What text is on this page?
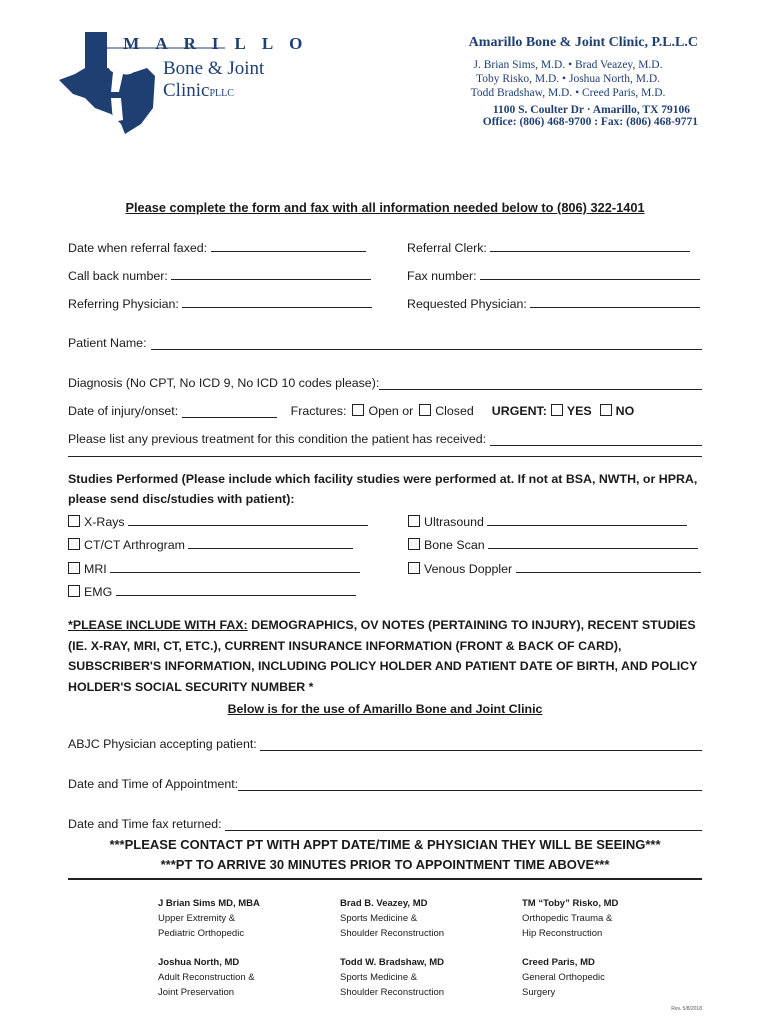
AMARILLO
Bone & Joint
ClinicPLLC
Amarillo Bone & Joint Clinic, P.L.L.C
J. Brian Sims, M.D. • Brad Veazey, M.D.
Toby Risko, M.D. • Joshua North, M.D.
Todd Bradshaw, M.D. • Creed Paris, M.D.
1100 S. Coulter Dr · Amarillo, TX 79106
Office: (806) 468-9700 : Fax: (806) 468-9771
Please complete the form and fax with all information needed below to (806) 322-1401
Date when referral faxed:	Referral Clerk:
Call back number:	Fax number:
Referring Physician:	Requested Physician:
Patient Name:
Diagnosis (No CPT, No ICD 9, No ICD 10 codes please):
Date of injury/onset:
	Fractures:	Open or	Closed URGENT:	YES	NO
Please list any previous treatment for this condition the patient has received:

Studies Performed (Please include which facility studies were performed at. If not at BSA, NWTH, or HPRA, please send disc/studies with patient):
X-Rays	Ultrasound
CT/CT Arthrogram	Bone Scan
MRI	Venous Doppler
EMG
*PLEASE INCLUDE WITH FAX: DEMOGRAPHICS, OV NOTES (PERTAINING TO INJURY), RECENT STUDIES (IE. X-RAY, MRI, CT, ETC.), CURRENT INSURANCE INFORMATION (FRONT & BACK OF CARD), SUBSCRIBER'S INFORMATION, INCLUDING POLICY HOLDER AND PATIENT DATE OF BIRTH, AND POLICY HOLDER'S SOCIAL SECURITY NUMBER *
Below is for the use of Amarillo Bone and Joint Clinic
ABJC Physician accepting patient:

Date and Time of Appointment:
Date and Time fax returned:

***PLEASE CONTACT PT WITH APPT DATE/TIME & PHYSICIAN THEY WILL BE SEEING***
***PT TO ARRIVE 30 MINUTES PRIOR TO APPOINTMENT TIME ABOVE***
J Brian Sims MD, MBA
Upper Extremity &
Pediatric Orthopedic
Brad B. Veazey, MD
Sports Medicine &
Shoulder Reconstruction
TM “Toby” Risko, MD
Orthopedic Trauma &
Hip Reconstruction
Joshua North, MD
Adult Reconstruction &
Joint Preservation
Todd W. Bradshaw, MD
Sports Medicine &
Shoulder Reconstruction
Creed Paris, MD
General Orthopedic
Surgery
Rev. 5/8/2018
